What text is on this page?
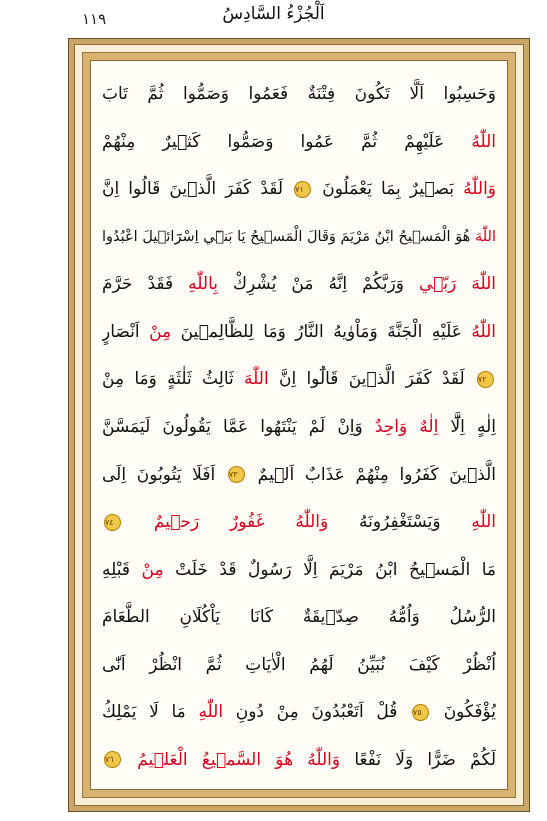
١١٩	اَلْجُزْءُ السَّادِسُ
وَحَسِبُوا اَلَّا تَكُونَ فِتْنَةٌ فَعَمُوا وَصَمُّوا ثُمَّ تَابَ
اللّٰهُ عَلَيْهِمْ ثُمَّ عَمُوا وَصَمُّوا كَث۪يرٌ مِنْهُمْ
وَاللّٰهُ بَص۪يرٌ بِمَا يَعْمَلُونَ ٧١ لَقَدْ كَفَرَ الَّذ۪ينَ قَالُوا اِنَّ
اللّٰهَ هُوَ الْمَس۪يحُ ابْنُ مَرْيَمَ وَقَالَ الْمَس۪يحُ يَا بَن۪ٓي اِسْرَٓائ۪يلَ اعْبُدُوا
اللّٰهَ رَبّ۪ي وَرَبَّكُمْ اِنَّهُ مَنْ يُشْرِكْ بِاللّٰهِ فَقَدْ حَرَّمَ
اللّٰهُ عَلَيْهِ الْجَنَّةَ وَمَاْوٰيهُ النَّارُ وَمَا لِلظَّالِم۪ينَ مِنْ اَنْصَارٍ
٧٢ لَقَدْ كَفَرَ الَّذ۪ينَ قَالُٓوا اِنَّ اللّٰهَ ثَالِثُ ثَلٰثَةٍ وَمَا مِنْ
اِلٰهٍ اِلَّٓا اِلٰهٌ وَاحِدٌ وَاِنْ لَمْ يَنْتَهُوا عَمَّا يَقُولُونَ لَيَمَسَّنَّ
الَّذ۪ينَ كَفَرُوا مِنْهُمْ عَذَابٌ اَل۪يمٌ ٧٣ اَفَلَا يَتُوبُونَ اِلَى
اللّٰهِ وَيَسْتَغْفِرُونَهُ وَاللّٰهُ غَفُورٌ رَح۪يمٌ ٧٤
مَا الْمَس۪يحُ ابْنُ مَرْيَمَ اِلَّا رَسُولٌ قَدْ خَلَتْ مِنْ قَبْلِهِ
الرُّسُلُ وَاُمُّهُ صِدّ۪يقَةٌ كَانَا يَاْكُلَانِ الطَّعَامَ
اُنْظُرْ كَيْفَ نُبَيِّنُ لَهُمُ الْاٰيَاتِ ثُمَّ انْظُرْ اَنّٰى
يُؤْفَكُونَ ٧٥ قُلْ اَتَعْبُدُونَ مِنْ دُونِ اللّٰهِ مَا لَا يَمْلِكُ
لَكُمْ ضَرًّا وَلَا نَفْعًا وَاللّٰهُ هُوَ السَّم۪يعُ الْعَل۪يمُ ٧٦
